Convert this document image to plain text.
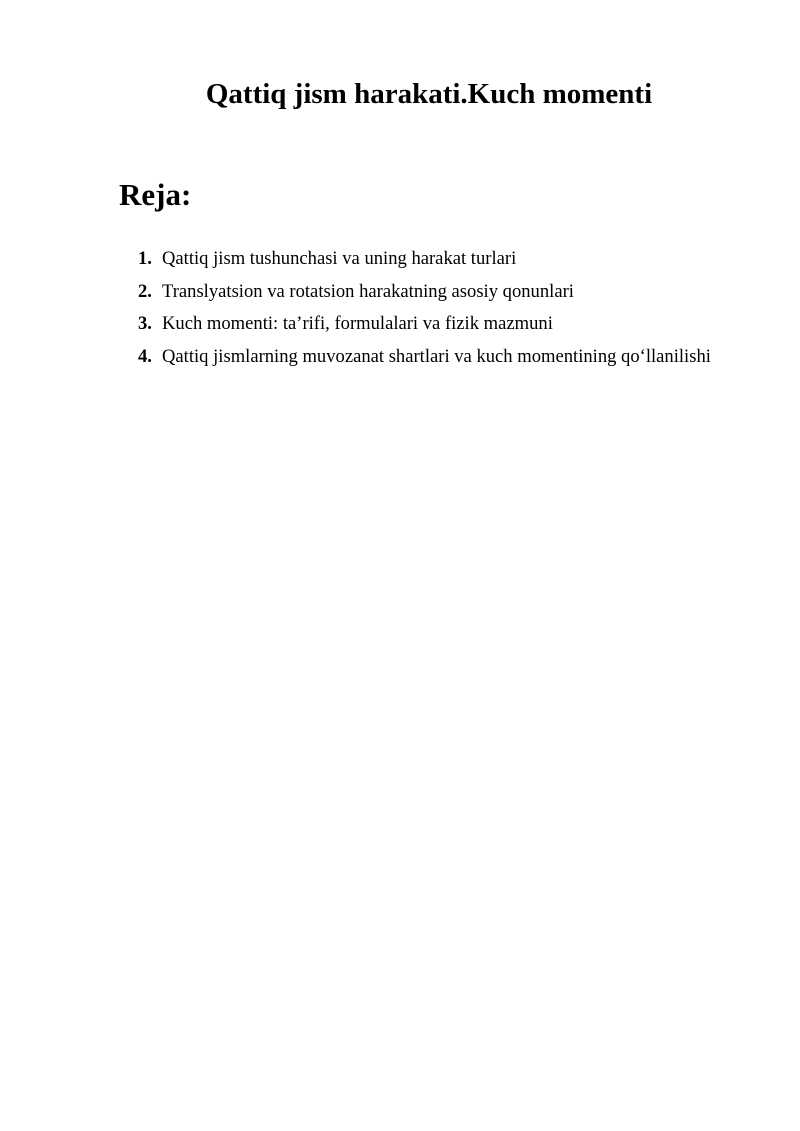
Qattiq jism harakati.Kuch momenti
Reja:
1. Qattiq jism tushunchasi va uning harakat turlari
2. Translyatsion va rotatsion harakatning asosiy qonunlari
3. Kuch momenti: ta’rifi, formulalari va fizik mazmuni
4. Qattiq jismlarning muvozanat shartlari va kuch momentining qo‘llanilishi
